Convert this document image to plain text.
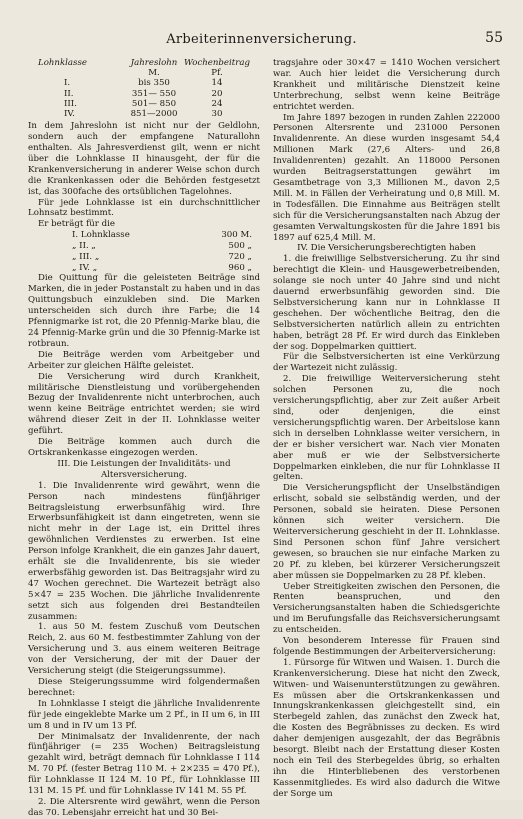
Arbeiterinnenversicherung.	55
Lohnklasse	Jahreslohn	Wochenbeitrag
	M.	Pf.
I.	bis 350	14
II.	351— 550	20
III.	501— 850	24
IV.	851—2000	30

In dem Jahreslohn ist nicht nur der Geldlohn, sondern auch der empfangene Naturallohn enthalten. Als Jahresverdienst gilt, wenn er nicht über die Lohnklasse II hinausgeht, der für die Krankenversicherung in anderer Weise schon durch die Krankenkassen oder die Behörden festgesetzt ist, das 300fache des ortsüblichen Tagelohnes.

Für jede Lohnklasse ist ein durchschnittlicher Lohnsatz bestimmt.

Er beträgt für die

I. Lohnklasse	300 M.
„ II. „	500 „
„ III. „	720 „
„ IV. „	960 „

Die Quittung für die geleisteten Beiträge sind Marken, die in jeder Postanstalt zu haben und in das Quittungsbuch einzukleben sind. Die Marken unterscheiden sich durch ihre Farbe; die 14 Pfennigmarke ist rot, die 20 Pfennig-Marke blau, die 24 Pfennig-Marke grün und die 30 Pfennig-Marke ist rotbraun.

Die Beiträge werden vom Arbeitgeber und Arbeiter zur gleichen Hälfte geleistet.

Die Versicherung wird durch Krankheit, militärische Dienstleistung und vorübergehenden Bezug der Invalidenrente nicht unterbrochen, auch wenn keine Beiträge entrichtet werden; sie wird während dieser Zeit in der II. Lohnklasse weiter geführt.

Die Beiträge kommen auch durch die Ortskrankenkasse eingezogen werden.

III. Die Leistungen der Invaliditäts- und Altersversicherung.

1. Die Invalidenrente wird gewährt, wenn die Person nach mindestens fünfjähriger Beitragsleistung erwerbsunfähig wird. Ihre Erwerbsunfähigkeit ist dann eingetreten, wenn sie nicht mehr in der Lage ist, ein Drittel ihres gewöhnlichen Verdienstes zu erwerben. Ist eine Person infolge Krankheit, die ein ganzes Jahr dauert, erhält sie die Invalidenrente, bis sie wieder erwerbsfähig geworden ist. Das Beitragsjahr wird zu 47 Wochen gerechnet. Die Wartezeit beträgt also 5×47 = 235 Wochen. Die jährliche Invalidenrente setzt sich aus folgenden drei Bestandteilen zusammen:

1. aus 50 M. festem Zuschuß vom Deutschen Reich, 2. aus 60 M. festbestimmter Zahlung von der Versicherung und 3. aus einem weiteren Beitrage von der Versicherung, der mit der Dauer der Versicherung steigt (die Steigerungssumme).

Diese Steigerungssumme wird folgendermaßen berechnet:

In Lohnklasse I steigt die jährliche Invalidenrente für jede eingeklebte Marke um 2 Pf., in II um 6, in III um 8 und in IV um 13 Pf.

Der Minimalsatz der Invalidenrente, der nach fünfjähriger (= 235 Wochen) Beitragsleistung gezahlt wird, beträgt demnach für Lohnklasse I 114 M. 70 Pf. (fester Betrag 110 M. + 2×235 = 470 Pf.), für Lohnklasse II 124 M. 10 Pf., für Lohnklasse III 131 M. 15 Pf. und für Lohnklasse IV 141 M. 55 Pf.

2. Die Altersrente wird gewährt, wenn die Person das 70. Lebensjahr erreicht hat und 30 Bei-

tragsjahre oder 30×47 = 1410 Wochen versichert war. Auch hier leidet die Versicherung durch Krankheit und militärische Dienstzeit keine Unterbrechung, selbst wenn keine Beiträge entrichtet werden.

Im Jahre 1897 bezogen in runden Zahlen 222000 Personen Altersrente und 231000 Personen Invalidenrente. An diese wurden insgesamt 54,4 Millionen Mark (27,6 Alters- und 26,8 Invalidenrenten) gezahlt. An 118000 Personen wurden Beitragserstattungen gewährt im Gesamtbetrage von 3,3 Millionen M., davon 2,5 Mill. M. in Fällen der Verheiratung und 0,8 Mill. M. in Todesfällen. Die Einnahme aus Beiträgen stellt sich für die Versicherungsanstalten nach Abzug der gesamten Verwaltungskosten für die Jahre 1891 bis 1897 auf 625,4 Mill. M.

IV. Die Versicherungsberechtigten haben

1. die freiwillige Selbstversicherung. Zu ihr sind berechtigt die Klein- und Hausgewerbetreibenden, solange sie noch unter 40 Jahre sind und nicht dauernd erwerbsunfähig geworden sind. Die Selbstversicherung kann nur in Lohnklasse II geschehen. Der wöchentliche Beitrag, den die Selbstversicherten natürlich allein zu entrichten haben, beträgt 28 Pf. Er wird durch das Einkleben der sog. Doppelmarken quittiert.

Für die Selbstversicherten ist eine Verkürzung der Wartezeit nicht zulässig.

2. Die freiwillige Weiterversicherung steht solchen Personen zu, die noch versicherungspflichtig, aber zur Zeit außer Arbeit sind, oder denjenigen, die einst versicherungspflichtig waren. Der Arbeitslose kann sich in derselben Lohnklasse weiter versichern, in der er bisher versichert war. Nach vier Monaten aber muß er wie der Selbstversicherte Doppelmarken einkleben, die nur für Lohnklasse II gelten.

Die Versicherungspflicht der Unselbständigen erlischt, sobald sie selbständig werden, und der Personen, sobald sie heiraten. Diese Personen können sich weiter versichern. Die Weiterversicherung geschieht in der II. Lohnklasse. Sind Personen schon fünf Jahre versichert gewesen, so brauchen sie nur einfache Marken zu 20 Pf. zu kleben, bei kürzerer Versicherungszeit aber müssen sie Doppelmarken zu 28 Pf. kleben.

Ueber Streitigkeiten zwischen den Personen, die Renten beanspruchen, und den Versicherungsanstalten haben die Schiedsgerichte und im Berufungsfalle das Reichsversicherungsamt zu entscheiden.

Von besonderem Interesse für Frauen sind folgende Bestimmungen der Arbeiterversicherung:

1. Fürsorge für Witwen und Waisen. 1. Durch die Krankenversicherung. Diese hat nicht den Zweck, Witwen- und Waisenunterstützungen zu gewähren. Es müssen aber die Ortskrankenkassen und Innungskrankenkassen gleichgestellt sind, ein Sterbegeld zahlen, das zunächst den Zweck hat, die Kosten des Begräbnisses zu decken. Es wird daher demjenigen ausgezahlt, der das Begräbnis besorgt. Bleibt nach der Erstattung dieser Kosten noch ein Teil des Sterbegeldes übrig, so erhalten ihn die Hinterbliebenen des verstorbenen Kassenmitgliedes. Es wird also dadurch die Witwe der Sorge um
